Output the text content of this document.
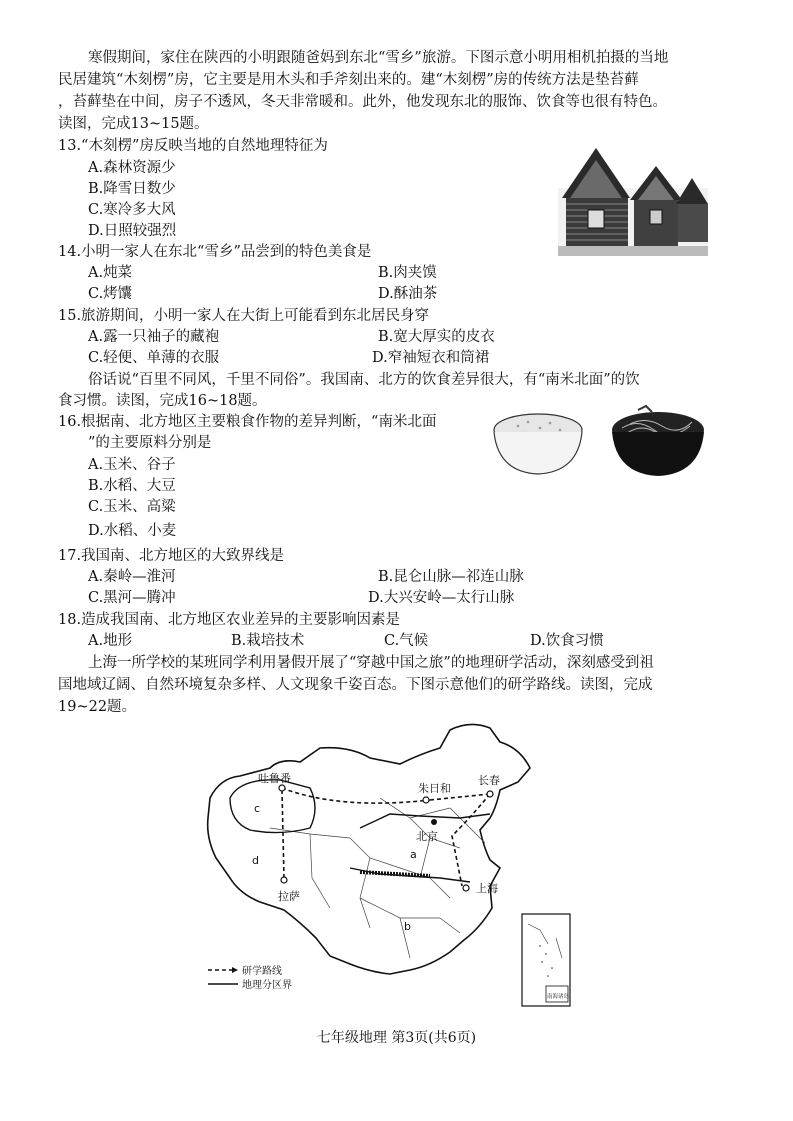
寒假期间，家住在陕西的小明跟随爸妈到东北“雪乡”旅游。下图示意小明用相机拍摄的当地
民居建筑“木刻楞”房，它主要是用木头和手斧刻出来的。建“木刻楞”房的传统方法是垫苔藓
，苔藓垫在中间，房子不透风，冬天非常暖和。此外，他发现东北的服饰、饮食等也很有特色。
读图，完成13~15题。
13.“木刻楞”房反映当地的自然地理特征为
A.森林资源少
B.降雪日数少
C.寒冷多大风
D.日照较强烈
14.小明一家人在东北“雪乡”品尝到的特色美食是
A.炖菜	B.肉夹馍
C.烤馕	D.酥油茶
15.旅游期间，小明一家人在大街上可能看到东北居民身穿
A.露一只袖子的藏袍	B.宽大厚实的皮衣
C.轻便、单薄的衣服	D.窄袖短衣和筒裙
俗话说“百里不同风，千里不同俗”。我国南、北方的饮食差异很大，有“南米北面”的饮
食习惯。读图，完成16~18题。
16.根据南、北方地区主要粮食作物的差异判断，“南米北面
”的主要原料分别是
A.玉米、谷子
B.水稻、大豆
C.玉米、高粱
D.水稻、小麦
17.我国南、北方地区的大致界线是
A.秦岭—淮河	B.昆仑山脉—祁连山脉
C.黑河—腾冲	D.大兴安岭—太行山脉
18.造成我国南、北方地区农业差异的主要影响因素是
A.地形	B.栽培技术	C.气候	D.饮食习惯
上海一所学校的某班同学利用暑假开展了“穿越中国之旅”的地理研学活动，深刻感受到祖
国地域辽阔、自然环境复杂多样、人文现象千姿百态。下图示意他们的研学路线。读图，完成
19~22题。
吐鲁番
朱日和
长春
北京
拉萨
上海
a
b
c
d
研学路线
地理分区界
南海诸岛
七年级地理 第3页(共6页)
